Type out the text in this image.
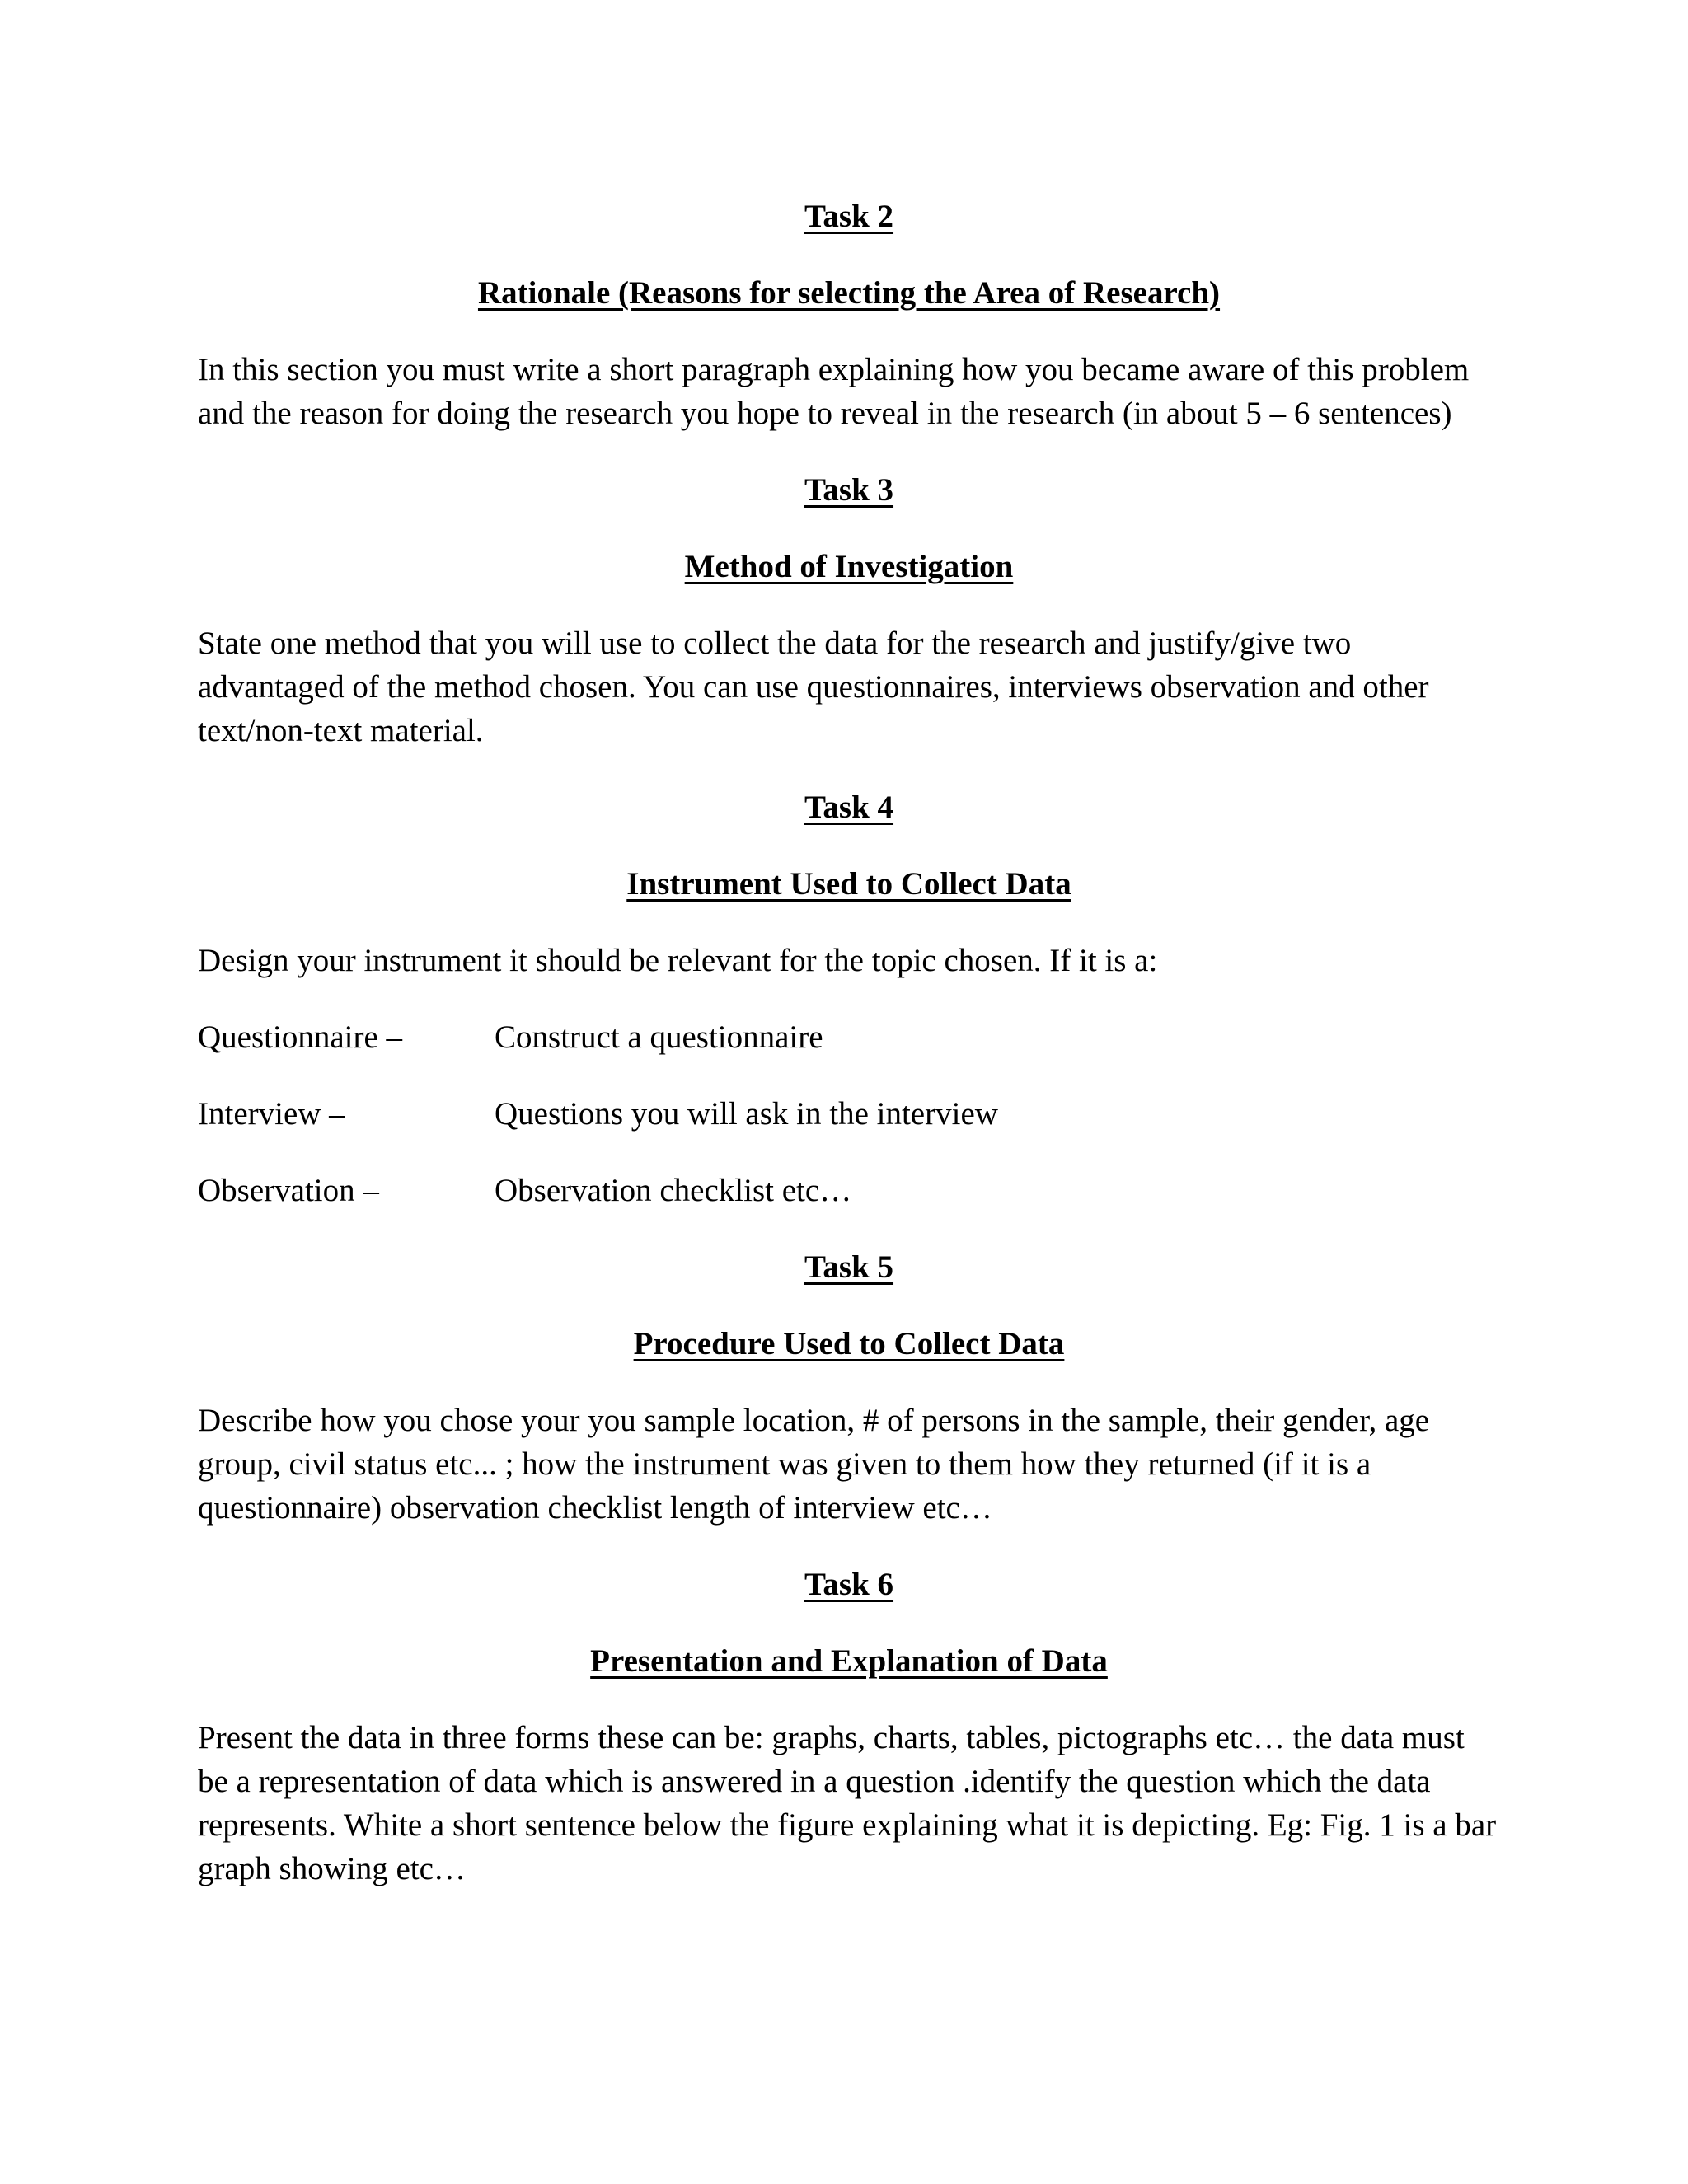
Task 2

Rationale (Reasons for selecting the Area of Research)

In this section you must write a short paragraph explaining how you became aware of this problem and the reason for doing the research you hope to reveal in the research (in about 5 – 6 sentences)

Task 3

Method of Investigation

State one method that you will use to collect the data for the research and justify/give two advantaged of the method chosen. You can use questionnaires, interviews observation and other text/non-text material.

Task 4

Instrument Used to Collect Data

Design your instrument it should be relevant for the topic chosen. If it is a:

Questionnaire –	Construct a questionnaire
Interview –	Questions you will ask in the interview
Observation –	Observation checklist etc…

Task 5

Procedure Used to Collect Data

Describe how you chose your you sample location, # of persons in the sample, their gender, age group, civil status etc... ; how the instrument was given to them how they returned (if it is a questionnaire) observation checklist length of interview etc…

Task 6

Presentation and Explanation of Data

Present the data in three forms these can be: graphs, charts, tables, pictographs etc… the data must be a representation of data which is answered in a question .identify the question which the data represents. White a short sentence below the figure explaining what it is depicting. Eg: Fig. 1 is a bar graph showing etc…
